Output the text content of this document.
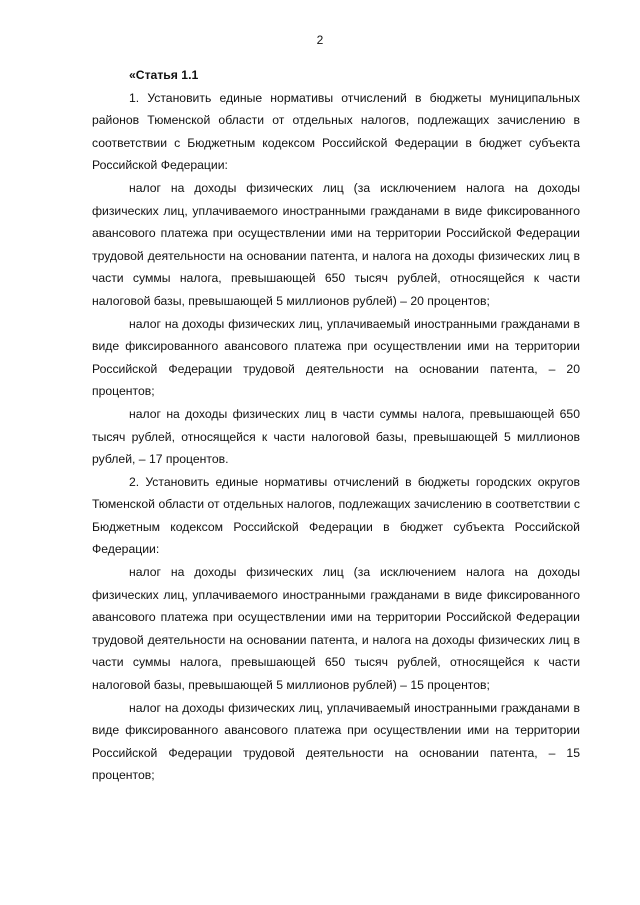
2

«Статья 1.1

1. Установить единые нормативы отчислений в бюджеты муниципальных районов Тюменской области от отдельных налогов, подлежащих зачислению в соответствии с Бюджетным кодексом Российской Федерации в бюджет субъекта Российской Федерации:

налог на доходы физических лиц (за исключением налога на доходы физических лиц, уплачиваемого иностранными гражданами в виде фиксированного авансового платежа при осуществлении ими на территории Российской Федерации трудовой деятельности на основании патента, и налога на доходы физических лиц в части суммы налога, превышающей 650 тысяч рублей, относящейся к части налоговой базы, превышающей 5 миллионов рублей) – 20 процентов;

налог на доходы физических лиц, уплачиваемый иностранными гражданами в виде фиксированного авансового платежа при осуществлении ими на территории Российской Федерации трудовой деятельности на основании патента, – 20 процентов;

налог на доходы физических лиц в части суммы налога, превышающей 650 тысяч рублей, относящейся к части налоговой базы, превышающей 5 миллионов рублей, – 17 процентов.

2. Установить единые нормативы отчислений в бюджеты городских округов Тюменской области от отдельных налогов, подлежащих зачислению в соответствии с Бюджетным кодексом Российской Федерации в бюджет субъекта Российской Федерации:

налог на доходы физических лиц (за исключением налога на доходы физических лиц, уплачиваемого иностранными гражданами в виде фиксированного авансового платежа при осуществлении ими на территории Российской Федерации трудовой деятельности на основании патента, и налога на доходы физических лиц в части суммы налога, превышающей 650 тысяч рублей, относящейся к части налоговой базы, превышающей 5 миллионов рублей) – 15 процентов;

налог на доходы физических лиц, уплачиваемый иностранными гражданами в виде фиксированного авансового платежа при осуществлении ими на территории Российской Федерации трудовой деятельности на основании патента, – 15 процентов;
